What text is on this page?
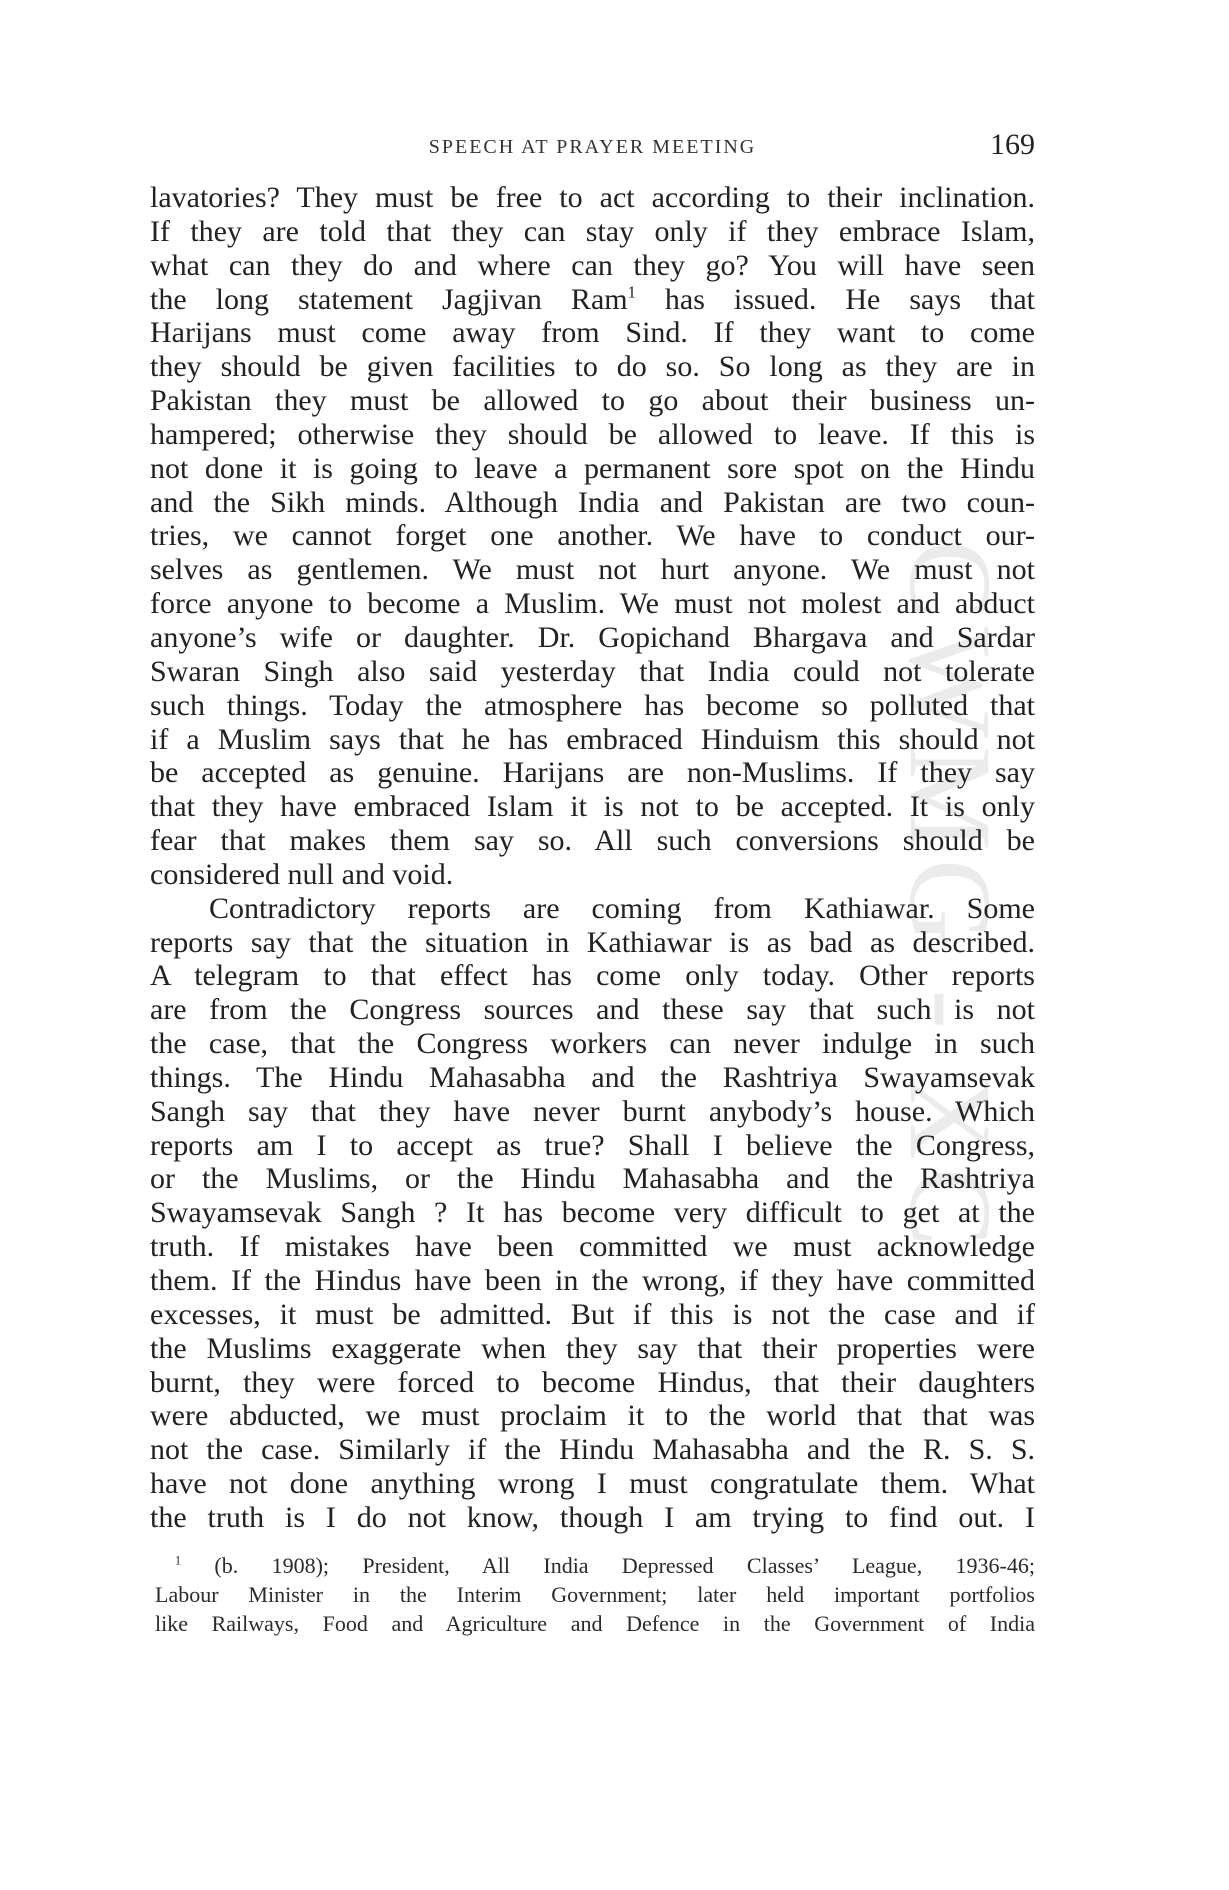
CWMG - XC
SPEECH AT PRAYER MEETING	169
lavatories? They must be free to act according to their inclination.
If they are told that they can stay only if they embrace Islam,
what can they do and where can they go? You will have seen
the long statement Jagjivan Ram$^1$ has issued. He says that
Harijans must come away from Sind. If they want to come
they should be given facilities to do so. So long as they are in
Pakistan they must be allowed to go about their business un-
hampered; otherwise they should be allowed to leave. If this is
not done it is going to leave a permanent sore spot on the Hindu
and the Sikh minds. Although India and Pakistan are two coun-
tries, we cannot forget one another. We have to conduct our-
selves as gentlemen. We must not hurt anyone. We must not
force anyone to become a Muslim. We must not molest and abduct
anyone’s wife or daughter. Dr. Gopichand Bhargava and Sardar
Swaran Singh also said yesterday that India could not tolerate
such things. Today the atmosphere has become so polluted that
if a Muslim says that he has embraced Hinduism this should not
be accepted as genuine. Harijans are non-Muslims. If they say
that they have embraced Islam it is not to be accepted. It is only
fear that makes them say so. All such conversions should be
considered null and void.
Contradictory reports are coming from Kathiawar. Some
reports say that the situation in Kathiawar is as bad as described.
A telegram to that effect has come only today. Other reports
are from the Congress sources and these say that such is not
the case, that the Congress workers can never indulge in such
things. The Hindu Mahasabha and the Rashtriya Swayamsevak
Sangh say that they have never burnt anybody’s house. Which
reports am I to accept as true? Shall I believe the Congress,
or the Muslims, or the Hindu Mahasabha and the Rashtriya
Swayamsevak Sangh ? It has become very difficult to get at the
truth. If mistakes have been committed we must acknowledge
them. If the Hindus have been in the wrong, if they have committed
excesses, it must be admitted. But if this is not the case and if
the Muslims exaggerate when they say that their properties were
burnt, they were forced to become Hindus, that their daughters
were abducted, we must proclaim it to the world that that was
not the case. Similarly if the Hindu Mahasabha and the R. S. S.
have not done anything wrong I must congratulate them. What
the truth is I do not know, though I am trying to find out. I
$^1$ (b. 1908); President, All India Depressed Classes’ League, 1936-46;
Labour Minister in the Interim Government; later held important portfolios
like Railways, Food and Agriculture and Defence in the Government of India
